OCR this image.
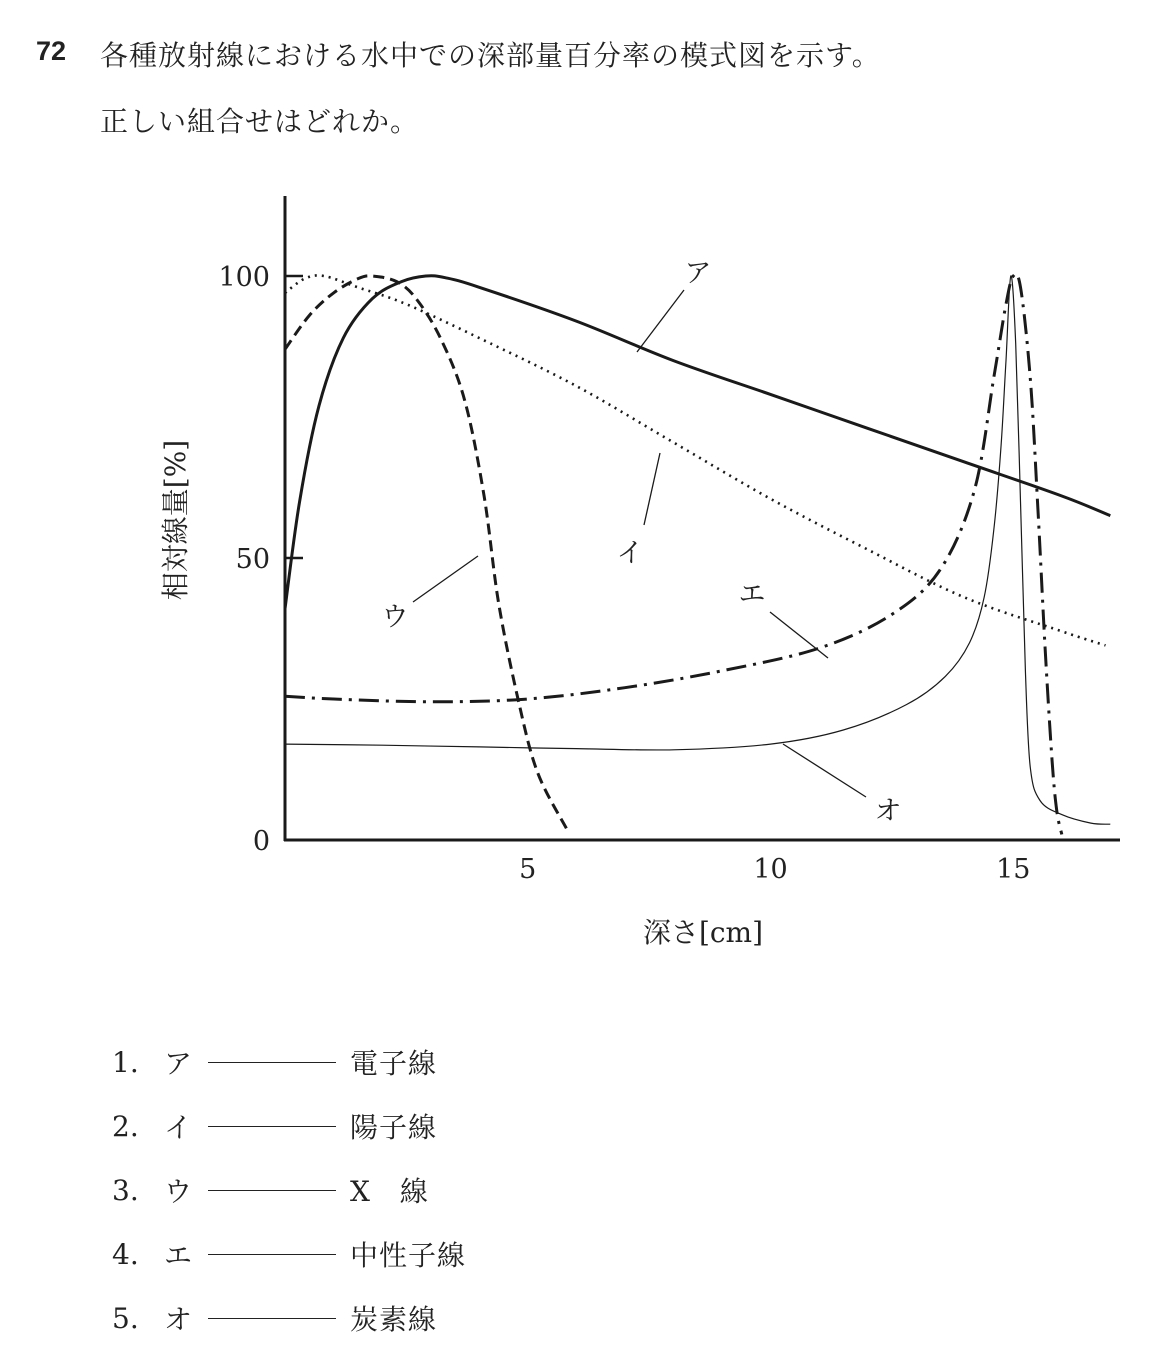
72 各種放射線における水中での深部量百分率の模式図を示す。
正しい組合せはどれか。
0
50
100
5	10	15
深さ[cm]
相対線量[%]
ア
イ
ウ
エ
オ
1. ア	電子線
2. イ	陽子線
3. ウ	X　線
4. エ	中性子線
5. オ	炭素線
